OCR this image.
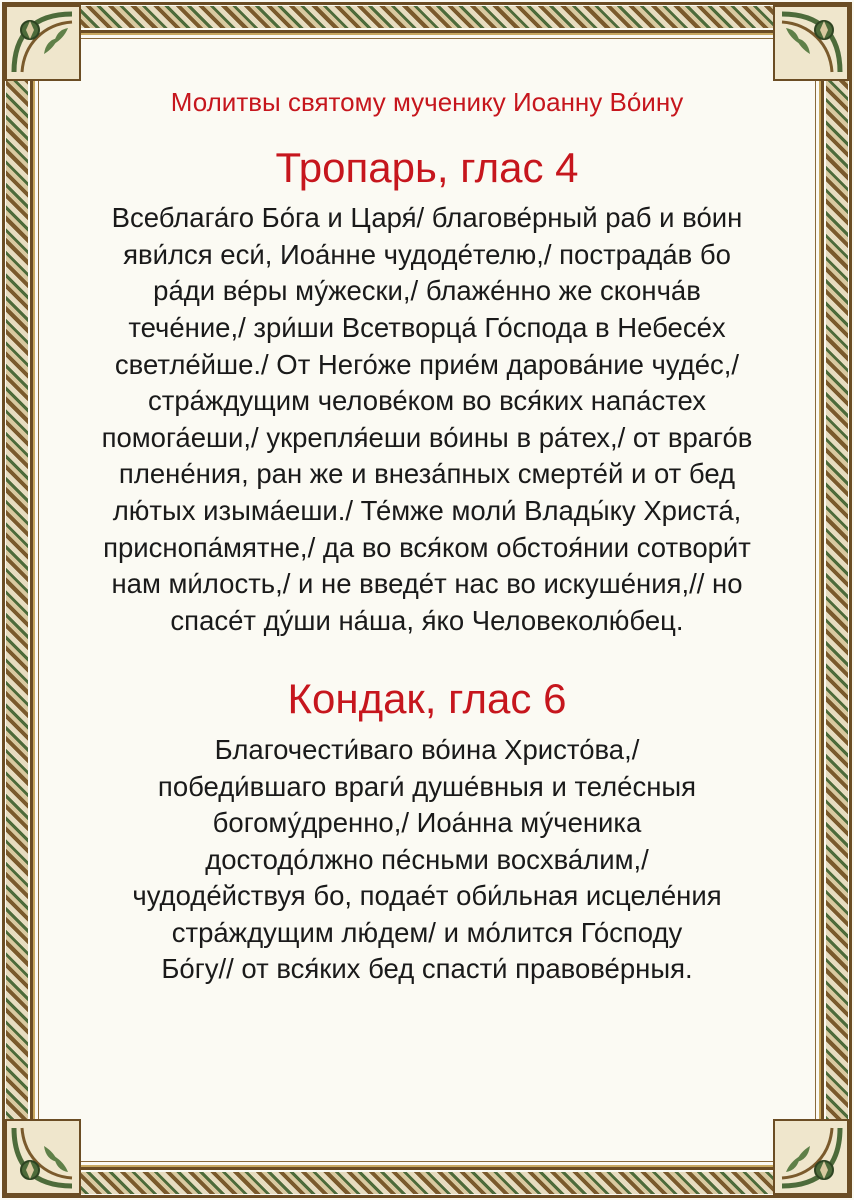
Молитвы святому мученику Иоанну Во́ину
Тропарь, глас 4

Всеблага́го Бо́га и Царя́/ благове́рный раб и во́ин
яви́лся еси́, Иоа́нне чудоде́телю,/ пострада́в бо
ра́ди ве́ры му́жески,/ блаже́нно же сконча́в
тече́ние,/ зри́ши Всетворца́ Го́спода в Небесе́х
светле́йше./ От Него́же прие́м дарова́ние чуде́с,/
стра́ждущим челове́ком во вся́ких напа́стех
помога́еши,/ укрепля́еши во́ины в ра́тех,/ от враго́в
плене́ния, ран же и внеза́пных смерте́й и от бед
лю́тых изыма́еши./ Те́мже моли́ Влады́ку Христа́,
приснопа́мятне,/ да во вся́ком обстоя́нии сотвори́т
нам ми́лость,/ и не введе́т нас во искуше́ния,// но
спасе́т ду́ши на́ша, я́ко Человеколю́бец.

Кондак, глас 6

Благочести́ваго во́ина Христо́ва,/
победи́вшаго враги́ душе́вныя и теле́сныя
богому́дренно,/ Иоа́нна му́ченика
достодо́лжно пе́сньми восхва́лим,/
чудоде́йствуя бо, подае́т оби́льная исцеле́ния
стра́ждущим лю́дем/ и мо́лится Го́споду
Бо́гу// от вся́ких бед спасти́ правове́рныя.
